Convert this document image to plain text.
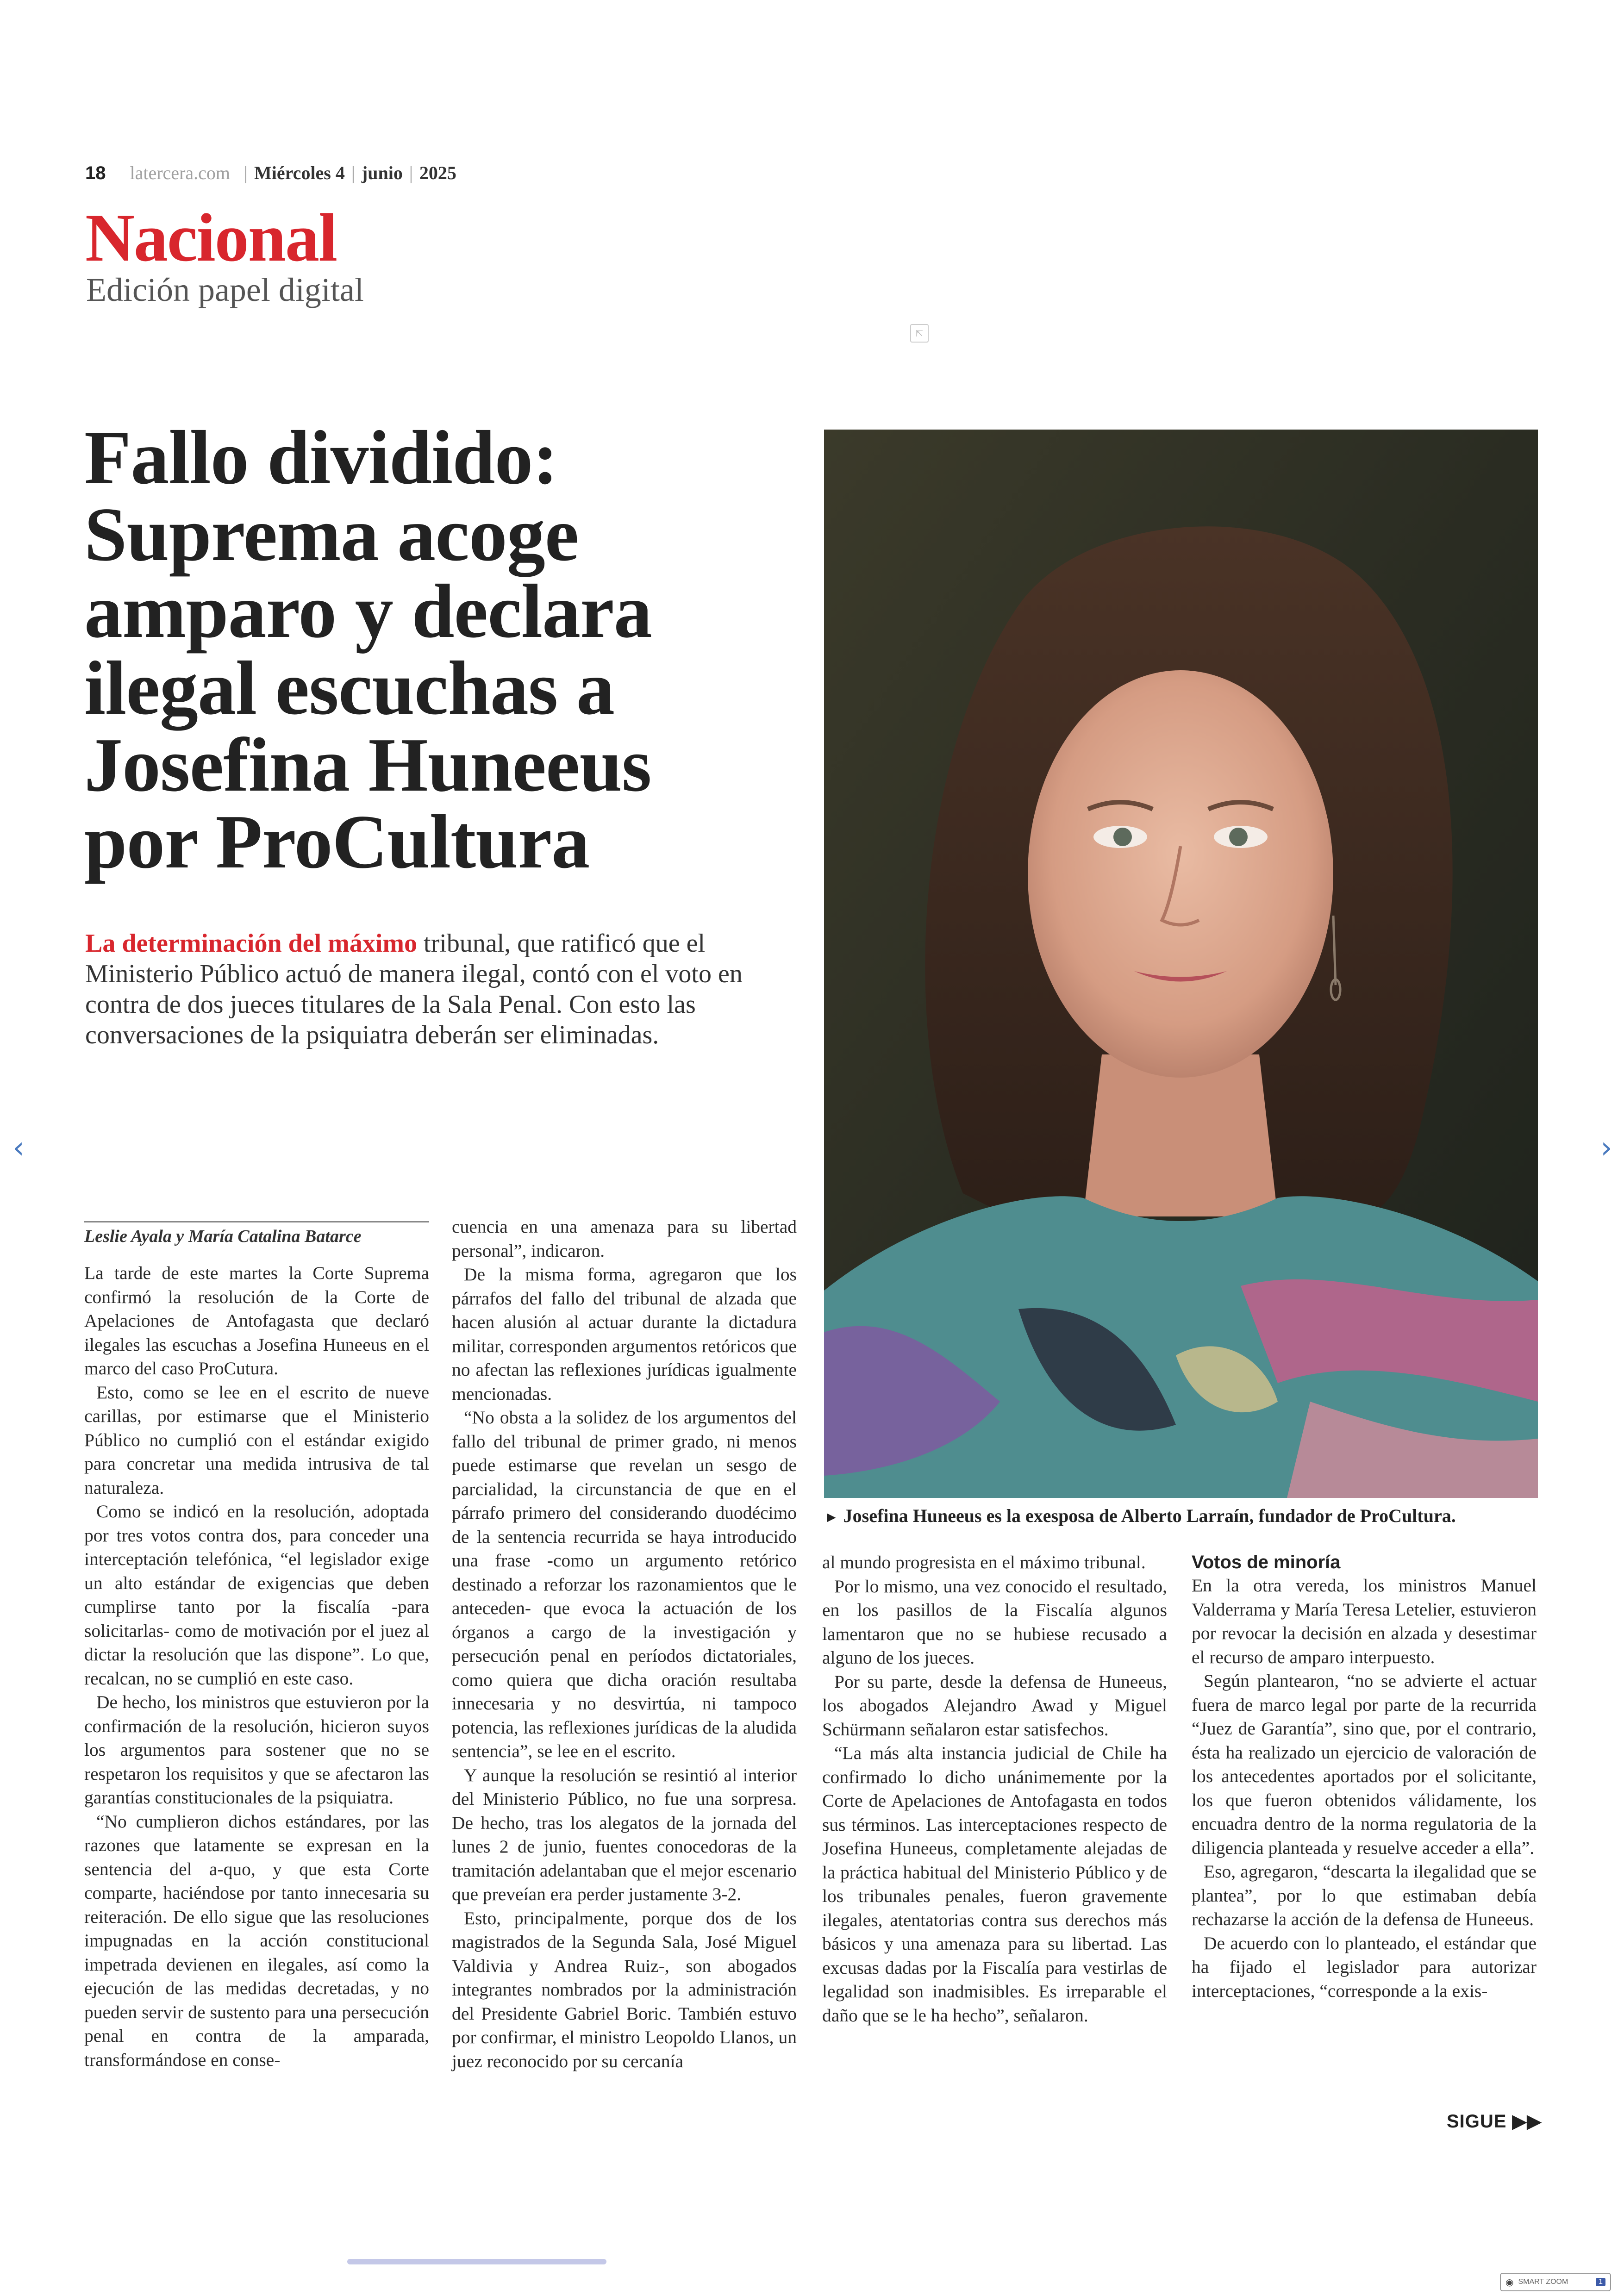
18 latercera.com | Miércoles 4 | junio | 2025
Nacional
Edición papel digital
⇱
Fallo dividido:
Suprema acoge
amparo y declara
ilegal escuchas a
Josefina Huneeus
por ProCultura
La determinación del máximo tribunal, que ratificó que el Ministerio Público actuó de manera ilegal, contó con el voto en contra de dos jueces titulares de la Sala Penal. Con esto las conversaciones de la psiquiatra deberán ser eliminadas.
► Josefina Huneeus es la exesposa de Alberto Larraín, fundador de ProCultura.
‹	›
Leslie Ayala y María Catalina Batarce

La tarde de este martes la Corte Suprema confirmó la resolución de la Corte de Apelaciones de Antofagasta que declaró ilegales las escuchas a Josefina Huneeus en el marco del caso ProCutura.

Esto, como se lee en el escrito de nueve carillas, por estimarse que el Ministerio Público no cumplió con el estándar exigido para concretar una medida intrusiva de tal naturaleza.

Como se indicó en la resolución, adoptada por tres votos contra dos, para conceder una interceptación telefónica, “el legislador exige un alto estándar de exigencias que deben cumplirse tanto por la fiscalía -para solicitarlas- como de motivación por el juez al dictar la resolución que las dispone”. Lo que, recalcan, no se cumplió en este caso.

De hecho, los ministros que estuvieron por la confirmación de la resolución, hicieron suyos los argumentos para sostener que no se respetaron los requisitos y que se afectaron las garantías constitucionales de la psiquiatra.

“No cumplieron dichos estándares, por las razones que latamente se expresan en la sentencia del a-quo, y que esta Corte comparte, haciéndose por tanto innecesaria su reiteración. De ello sigue que las resoluciones impugnadas en la acción constitucional impetrada devienen en ilegales, así como la ejecución de las medidas decretadas, y no pueden servir de sustento para una persecución penal en contra de la amparada, transformándose en conse-

cuencia en una amenaza para su libertad personal”, indicaron.

De la misma forma, agregaron que los párrafos del fallo del tribunal de alzada que hacen alusión al actuar durante la dictadura militar, corresponden argumentos retóricos que no afectan las reflexiones jurídicas igualmente mencionadas.

“No obsta a la solidez de los argumentos del fallo del tribunal de primer grado, ni menos puede estimarse que revelan un sesgo de parcialidad, la circunstancia de que en el párrafo primero del considerando duodécimo de la sentencia recurrida se haya introducido una frase -como un argumento retórico destinado a reforzar los razonamientos que le anteceden- que evoca la actuación de los órganos a cargo de la investigación y persecución penal en períodos dictatoriales, como quiera que dicha oración resultaba innecesaria y no desvirtúa, ni tampoco potencia, las reflexiones jurídicas de la aludida sentencia”, se lee en el escrito.

Y aunque la resolución se resintió al interior del Ministerio Público, no fue una sorpresa. De hecho, tras los alegatos de la jornada del lunes 2 de junio, fuentes conocedoras de la tramitación adelantaban que el mejor escenario que preveían era perder justamente 3-2.

Esto, principalmente, porque dos de los magistrados de la Segunda Sala, José Miguel Valdivia y Andrea Ruiz-, son abogados integrantes nombrados por la administración del Presidente Gabriel Boric. También estuvo por confirmar, el ministro Leopoldo Llanos, un juez reconocido por su cercanía

al mundo progresista en el máximo tribunal.

Por lo mismo, una vez conocido el resultado, en los pasillos de la Fiscalía algunos lamentaron que no se hubiese recusado a alguno de los jueces.

Por su parte, desde la defensa de Huneeus, los abogados Alejandro Awad y Miguel Schürmann señalaron estar satisfechos.

“La más alta instancia judicial de Chile ha confirmado lo dicho unánimemente por la Corte de Apelaciones de Antofagasta en todos sus términos. Las interceptaciones respecto de Josefina Huneeus, completamente alejadas de la práctica habitual del Ministerio Público y de los tribunales penales, fueron gravemente ilegales, atentatorias contra sus derechos más básicos y una amenaza para su libertad. Las excusas dadas por la Fiscalía para vestirlas de legalidad son inadmisibles. Es irreparable el daño que se le ha hecho”, señalaron.

Votos de minoría

En la otra vereda, los ministros Manuel Valderrama y María Teresa Letelier, estuvieron por revocar la decisión en alzada y desestimar el recurso de amparo interpuesto.

Según plantearon, “no se advierte el actuar fuera de marco legal por parte de la recurrida “Juez de Garantía”, sino que, por el contrario, ésta ha realizado un ejercicio de valoración de los antecedentes aportados por el solicitante, los que fueron obtenidos válidamente, los encuadra dentro de la norma regulatoria de la diligencia planteada y resuelve acceder a ella”.

Eso, agregaron, “descarta la ilegalidad que se plantea”, por lo que estimaban debía rechazarse la acción de la defensa de Huneeus.

De acuerdo con lo planteado, el estándar que ha fijado el legislador para autorizar interceptaciones, “corresponde a la exis-

SIGUE ▶▶
◉ SMART ZOOM	1
